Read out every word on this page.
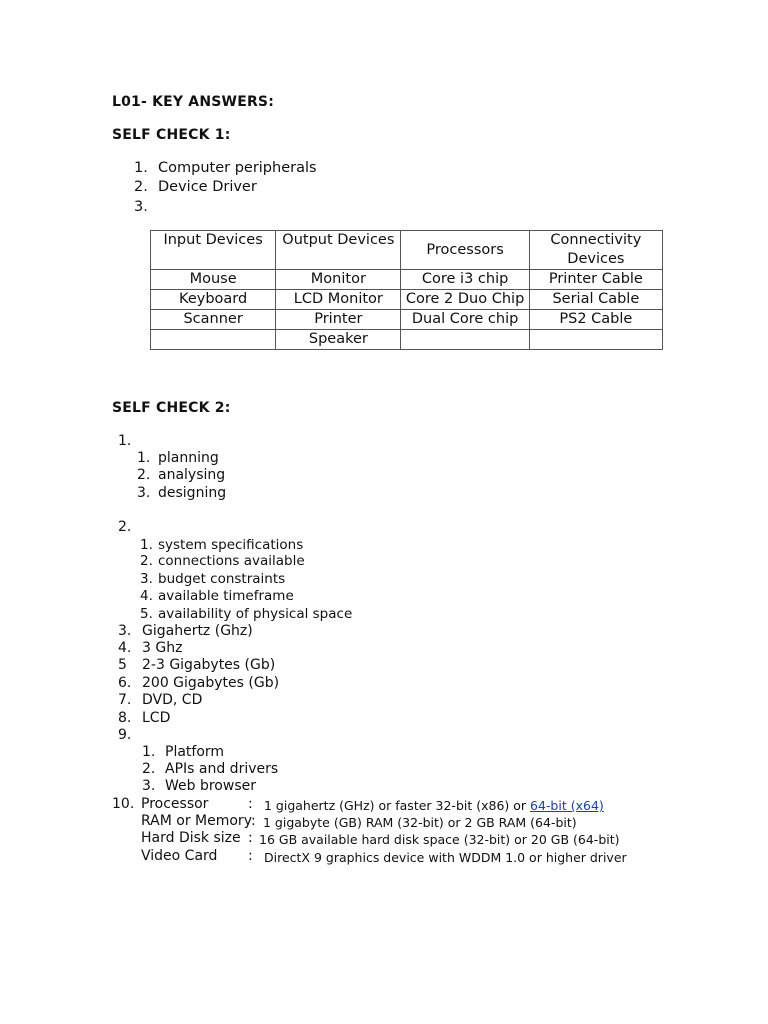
L01- KEY ANSWERS:
SELF CHECK 1:
1. Computer peripherals
2. Device Driver
3.
Input Devices	Output Devices	Processors	Connectivity Devices
Mouse	Monitor	Core i3 chip	Printer Cable
Keyboard	LCD Monitor	Core 2 Duo Chip	Serial Cable
Scanner	Printer	Dual Core chip	PS2 Cable
	Speaker		
SELF CHECK 2:
1.
1. planning
2. analysing
3. designing
2.
1. system specifications
2. connections available
3. budget constraints
4. available timeframe
5. availability of physical space
3. Gigahertz (Ghz)
4. 3 Ghz
5 2-3 Gigabytes (Gb)
6. 200 Gigabytes (Gb)
7. DVD, CD
8. LCD
9.
1. Platform
2. APIs and drivers
3. Web browser
10. Processor	: 1 gigahertz (GHz) or faster 32-bit (x86) or 64-bit (x64)
RAM or Memory: 1 gigabyte (GB) RAM (32-bit) or 2 GB RAM (64-bit)
Hard Disk size : 16 GB available hard disk space (32-bit) or 20 GB (64-bit)
Video Card : DirectX 9 graphics device with WDDM 1.0 or higher driver
